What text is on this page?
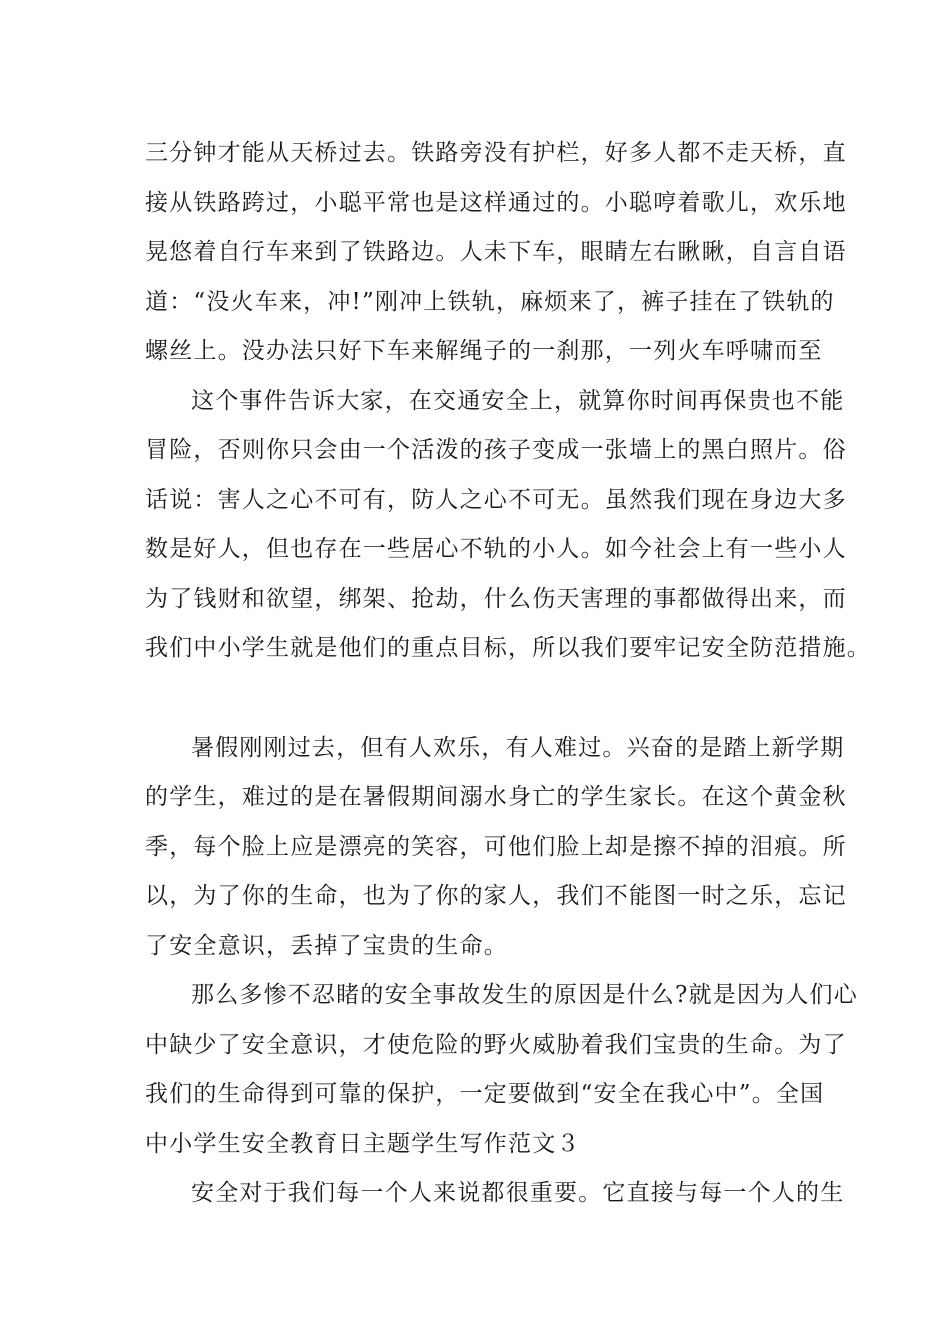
三分钟才能从天桥过去。铁路旁没有护栏，好多人都不走天桥，直
接从铁路跨过，小聪平常也是这样通过的。小聪哼着歌儿，欢乐地
晃悠着自行车来到了铁路边。人未下车，眼睛左右瞅瞅，自言自语
道：“没火车来，冲!”刚冲上铁轨，麻烦来了，裤子挂在了铁轨的
螺丝上。没办法只好下车来解绳子的一刹那，一列火车呼啸而至
这个事件告诉大家，在交通安全上，就算你时间再保贵也不能
冒险，否则你只会由一个活泼的孩子变成一张墙上的黑白照片。俗
话说：害人之心不可有，防人之心不可无。虽然我们现在身边大多
数是好人，但也存在一些居心不轨的小人。如今社会上有一些小人
为了钱财和欲望，绑架、抢劫，什么伤天害理的事都做得出来，而
我们中小学生就是他们的重点目标，所以我们要牢记安全防范措施。
暑假刚刚过去，但有人欢乐，有人难过。兴奋的是踏上新学期
的学生，难过的是在暑假期间溺水身亡的学生家长。在这个黄金秋
季，每个脸上应是漂亮的笑容，可他们脸上却是擦不掉的泪痕。所
以，为了你的生命，也为了你的家人，我们不能图一时之乐，忘记
了安全意识，丢掉了宝贵的生命。
那么多惨不忍睹的安全事故发生的原因是什么?就是因为人们心
中缺少了安全意识，才使危险的野火威胁着我们宝贵的生命。为了
我们的生命得到可靠的保护，一定要做到“安全在我心中”。全国
中小学生安全教育日主题学生写作范文３
安全对于我们每一个人来说都很重要。它直接与每一个人的生
